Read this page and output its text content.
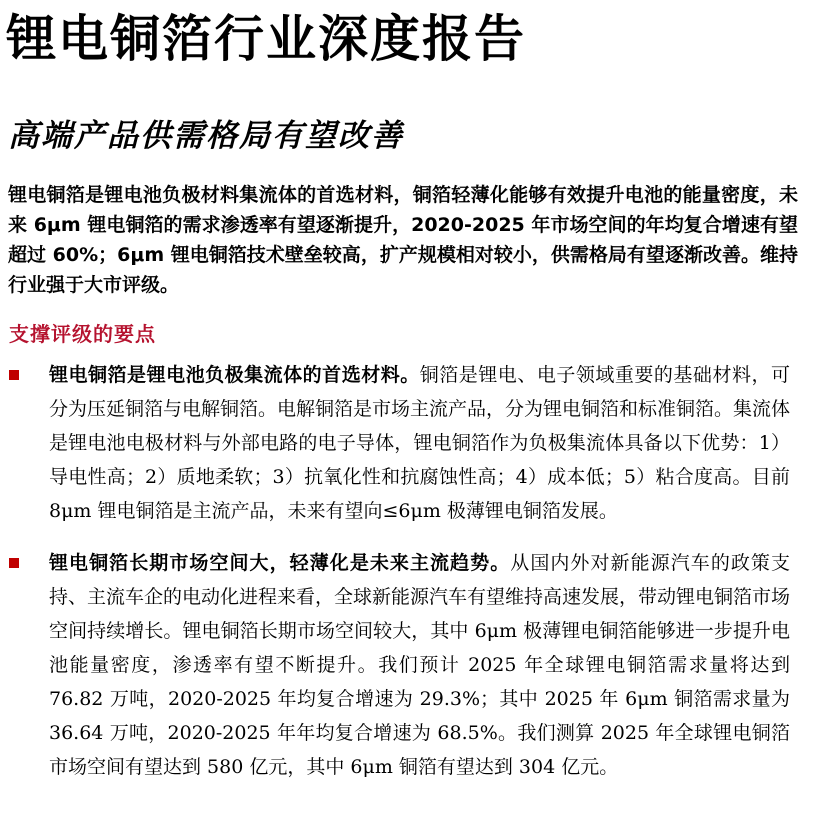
锂电铜箔行业深度报告
高端产品供需格局有望改善

锂电铜箔是锂电池负极材料集流体的首选材料，铜箔轻薄化能够有效提升电池的能量密度，未来 6μm 锂电铜箔的需求渗透率有望逐渐提升，2020-2025 年市场空间的年均复合增速有望超过 60%；6μm 锂电铜箔技术壁垒较高，扩产规模相对较小，供需格局有望逐渐改善。维持行业强于大市评级。

支撑评级的要点
锂电铜箔是锂电池负极集流体的首选材料。铜箔是锂电、电子领域重要的基础材料，可分为压延铜箔与电解铜箔。电解铜箔是市场主流产品，分为锂电铜箔和标准铜箔。集流体是锂电池电极材料与外部电路的电子导体，锂电铜箔作为负极集流体具备以下优势：1）导电性高；2）质地柔软；3）抗氧化性和抗腐蚀性高；4）成本低；5）粘合度高。目前 8μm 锂电铜箔是主流产品，未来有望向≤6μm 极薄锂电铜箔发展。
锂电铜箔长期市场空间大，轻薄化是未来主流趋势。从国内外对新能源汽车的政策支持、主流车企的电动化进程来看，全球新能源汽车有望维持高速发展，带动锂电铜箔市场空间持续增长。锂电铜箔长期市场空间较大，其中 6μm 极薄锂电铜箔能够进一步提升电池能量密度，渗透率有望不断提升。我们预计 2025 年全球锂电铜箔需求量将达到 76.82 万吨，2020-2025 年均复合增速为 29.3%；其中 2025 年 6μm 铜箔需求量为 36.64 万吨，2020-2025 年年均复合增速为 68.5%。我们测算 2025 年全球锂电铜箔市场空间有望达到 580 亿元，其中 6μm 铜箔有望达到 304 亿元。
